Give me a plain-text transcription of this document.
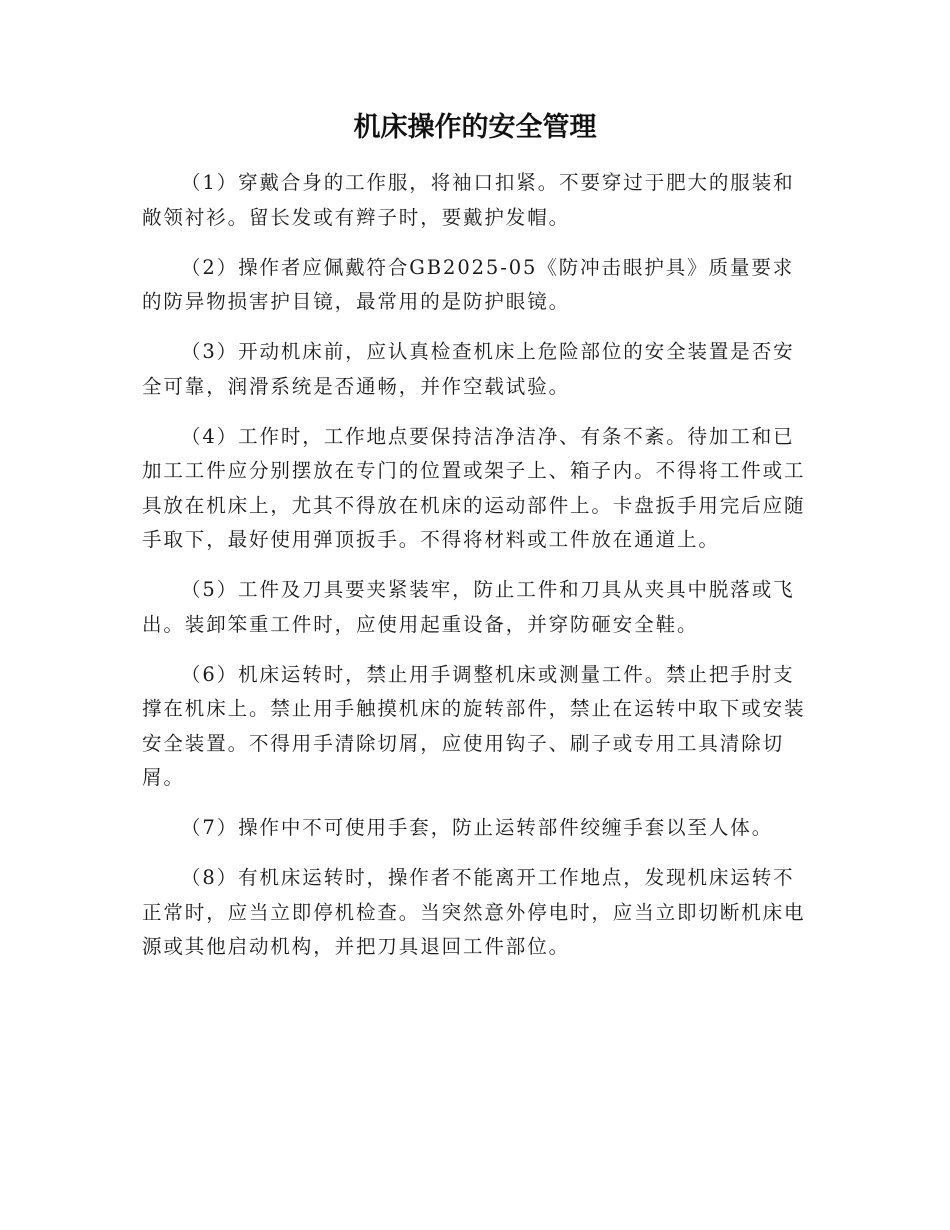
机床操作的安全管理

（1）穿戴合身的工作服，将袖口扣紧。不要穿过于肥大的服装和敞领衬衫。留长发或有辫子时，要戴护发帽。

（2）操作者应佩戴符合GB2025-05《防冲击眼护具》质量要求的防异物损害护目镜，最常用的是防护眼镜。

（3）开动机床前，应认真检查机床上危险部位的安全装置是否安全可靠，润滑系统是否通畅，并作空载试验。

（4）工作时，工作地点要保持洁净洁净、有条不紊。待加工和已加工工件应分别摆放在专门的位置或架子上、箱子内。不得将工件或工具放在机床上，尤其不得放在机床的运动部件上。卡盘扳手用完后应随手取下，最好使用弹顶扳手。不得将材料或工件放在通道上。

（5）工件及刀具要夹紧装牢，防止工件和刀具从夹具中脱落或飞出。装卸笨重工件时，应使用起重设备，并穿防砸安全鞋。

（6）机床运转时，禁止用手调整机床或测量工件。禁止把手肘支撑在机床上。禁止用手触摸机床的旋转部件，禁止在运转中取下或安装安全装置。不得用手清除切屑，应使用钩子、刷子或专用工具清除切屑。

（7）操作中不可使用手套，防止运转部件绞缠手套以至人体。

（8）有机床运转时，操作者不能离开工作地点，发现机床运转不正常时，应当立即停机检查。当突然意外停电时，应当立即切断机床电源或其他启动机构，并把刀具退回工件部位。
